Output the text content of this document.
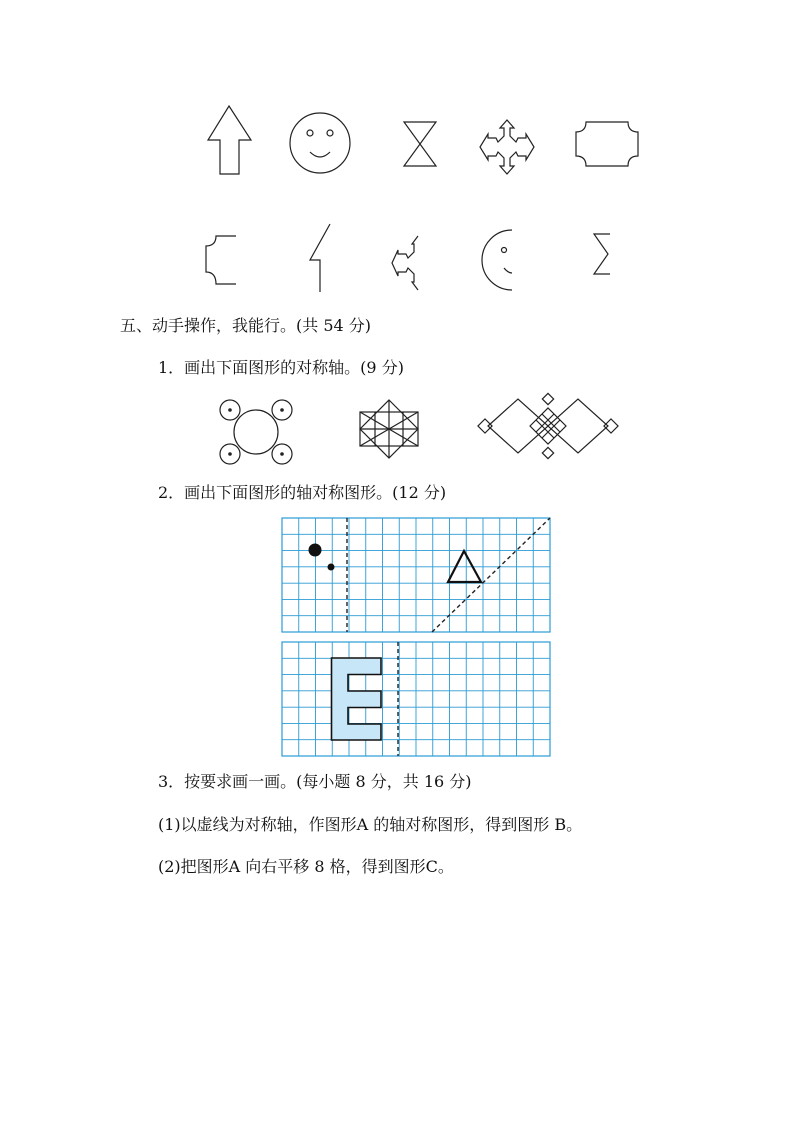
五、动手操作，我能行。(共 54 分)
1．画出下面图形的对称轴。(9 分)
2．画出下面图形的轴对称图形。(12 分)
3．按要求画一画。(每小题 8 分，共 16 分)
(1)以虚线为对称轴，作图形A 的轴对称图形，得到图形 B。
(2)把图形A 向右平移 8 格，得到图形C。
